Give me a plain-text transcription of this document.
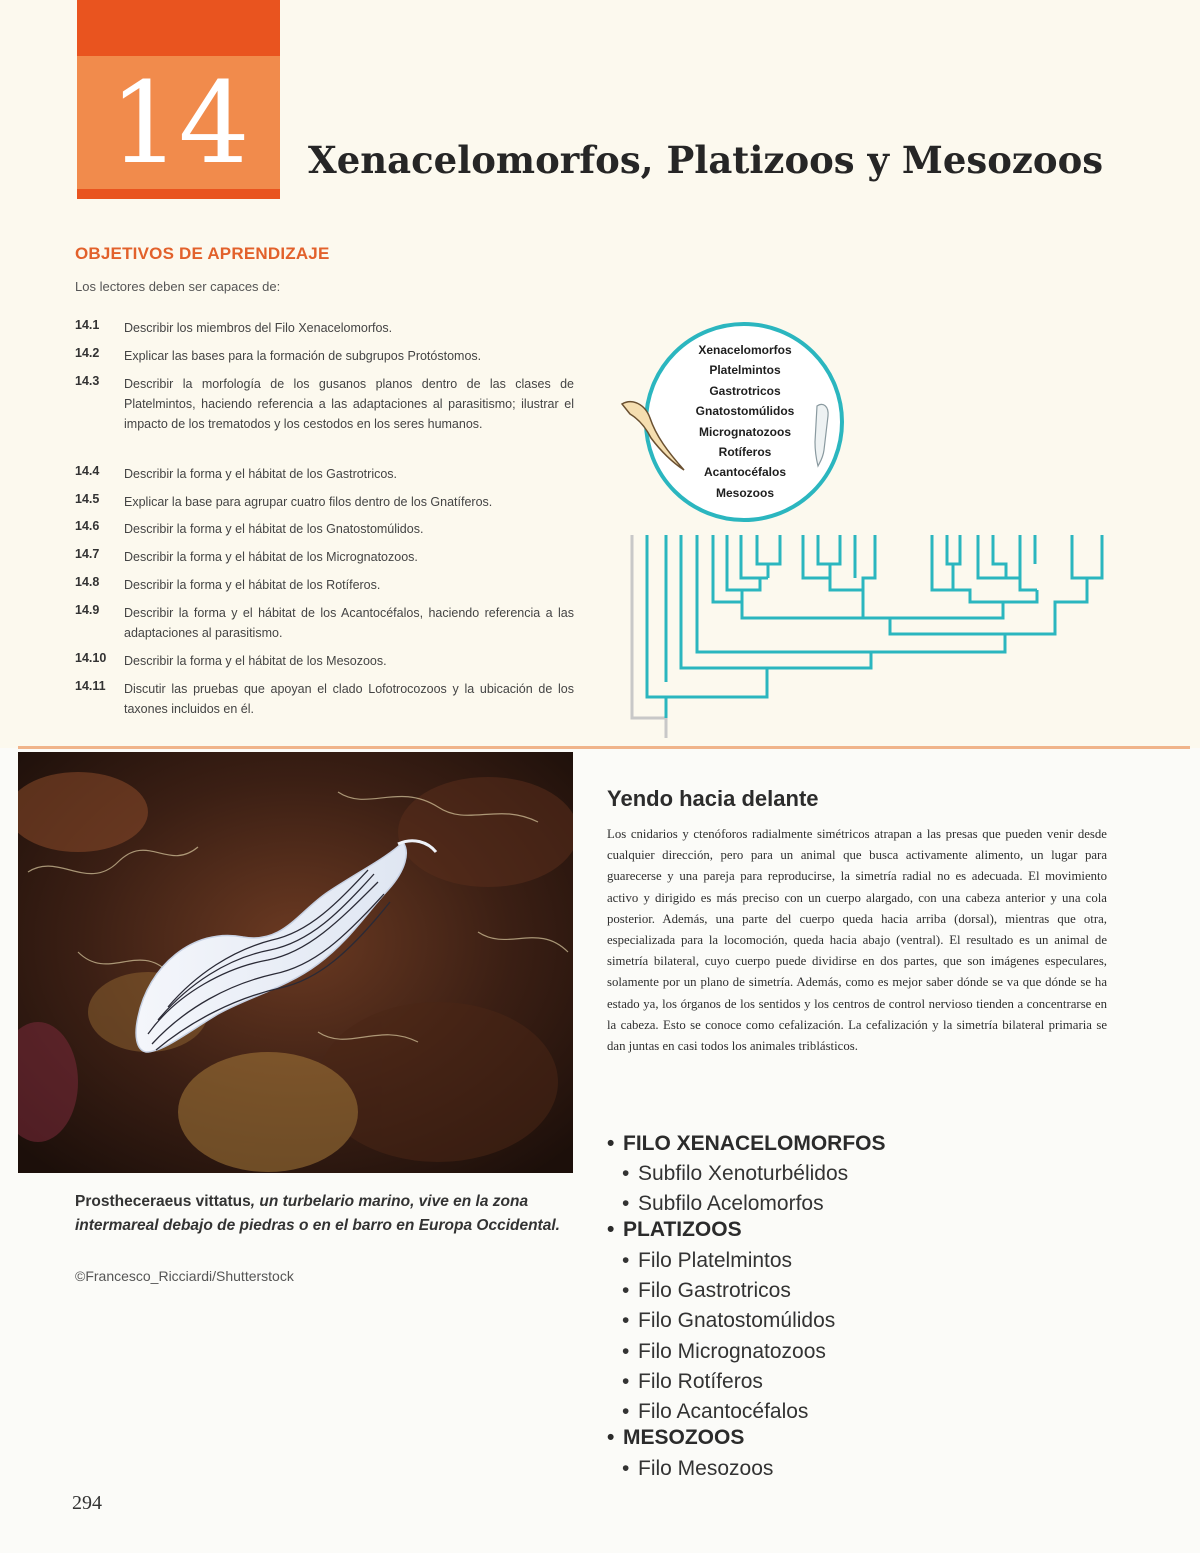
14	Xenacelomorfos, Platizoos y Mesozoos
OBJETIVOS DE APRENDIZAJE
Los lectores deben ser capaces de:
14.1 Describir los miembros del Filo Xenacelomorfos.
14.2 Explicar las bases para la formación de subgrupos Protóstomos.
14.3 Describir la morfología de los gusanos planos dentro de las clases de Platelmintos, haciendo referencia a las adaptaciones al parasitismo; ilustrar el impacto de los trematodos y los cestodos en los seres humanos.
14.4 Describir la forma y el hábitat de los Gastrotricos.
14.5 Explicar la base para agrupar cuatro filos dentro de los Gnatíferos.
14.6 Describir la forma y el hábitat de los Gnatostomúlidos.
14.7 Describir la forma y el hábitat de los Micrognatozoos.
14.8 Describir la forma y el hábitat de los Rotíferos.
14.9 Describir la forma y el hábitat de los Acantocéfalos, haciendo referencia a las adaptaciones al parasitismo.
14.10 Describir la forma y el hábitat de los Mesozoos.
14.11 Discutir las pruebas que apoyan el clado Lofotrocozoos y la ubicación de los taxones incluidos en él.
Xenacelomorfos
Platelmintos
Gastrotricos
Gnatostomúlidos
Micrognatozoos
Rotíferos
Acantocéfalos
Mesozoos
Prostheceraeus vittatus, un turbelario marino, vive en la zona intermareal debajo de piedras o en el barro en Europa Occidental.
©Francesco_Ricciardi/Shutterstock
Yendo hacia delante
Los cnidarios y ctenóforos radialmente simétricos atrapan a las presas que pueden venir desde cualquier dirección, pero para un animal que busca activamente alimento, un lugar para guarecerse y una pareja para reproducirse, la simetría radial no es adecuada. El movimiento activo y dirigido es más preciso con un cuerpo alargado, con una cabeza anterior y una cola posterior. Además, una parte del cuerpo queda hacia arriba (dorsal), mientras que otra, especializada para la locomoción, queda hacia abajo (ventral). El resultado es un animal de simetría bilateral, cuyo cuerpo puede dividirse en dos partes, que son imágenes especulares, solamente por un plano de simetría. Además, como es mejor saber dónde se va que dónde se ha estado ya, los órganos de los sentidos y los centros de control nervioso tienden a concentrarse en la cabeza. Esto se conoce como cefalización. La cefalización y la simetría bilateral primaria se dan juntas en casi todos los animales triblásticos.
• FILO XENACELOMORFOS
• Subfilo Xenoturbélidos
• Subfilo Acelomorfos
• PLATIZOOS
• Filo Platelmintos
• Filo Gastrotricos
• Filo Gnatostomúlidos
• Filo Micrognatozoos
• Filo Rotíferos
• Filo Acantocéfalos
• MESOZOOS
• Filo Mesozoos
294
